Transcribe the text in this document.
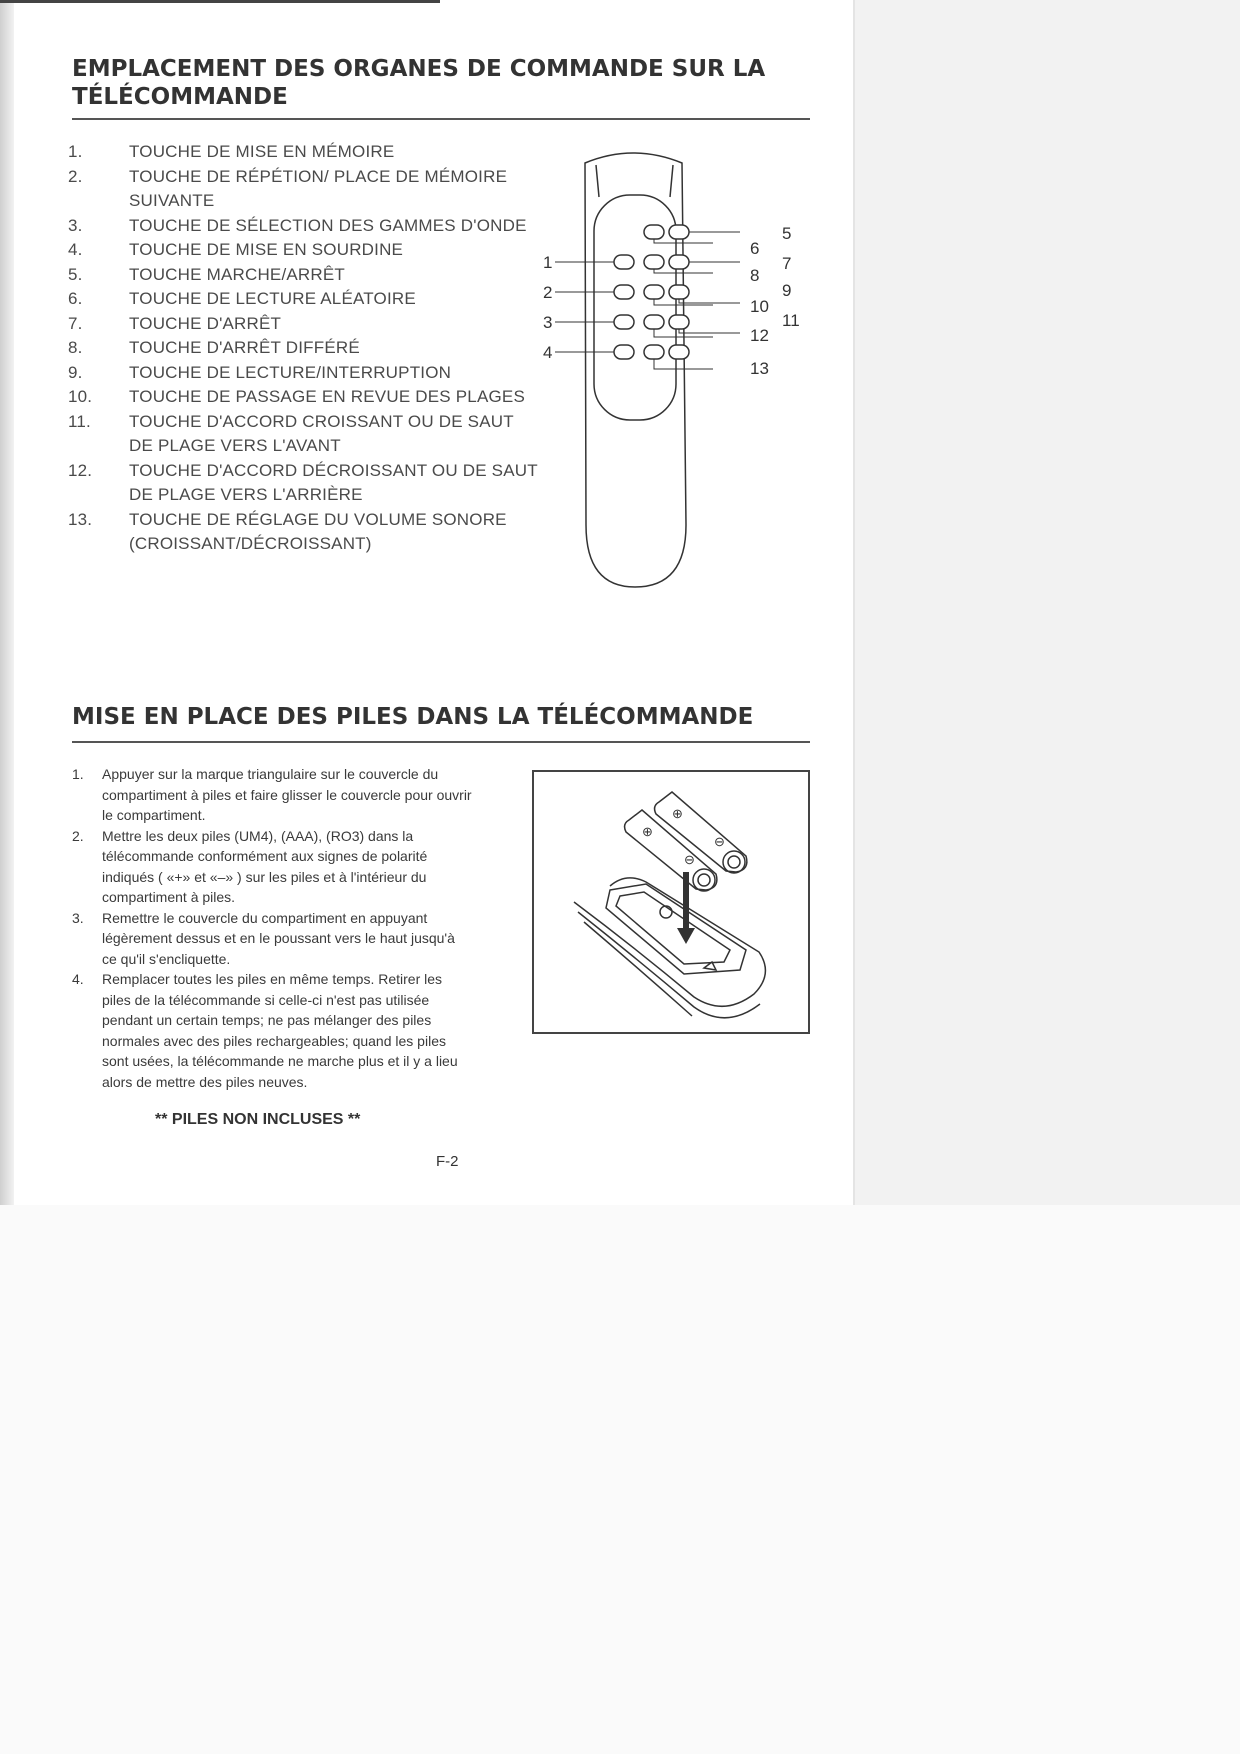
EMPLACEMENT DES ORGANES DE COMMANDE SUR LA TÉLÉCOMMANDE
1.	TOUCHE DE MISE EN MÉMOIRE
2.	TOUCHE DE RÉPÉTION/ PLACE DE MÉMOIRE SUIVANTE
3.	TOUCHE DE SÉLECTION DES GAMMES D'ONDE
4.	TOUCHE DE MISE EN SOURDINE
5.	TOUCHE MARCHE/ARRÊT
6.	TOUCHE DE LECTURE ALÉATOIRE
7.	TOUCHE D'ARRÊT
8.	TOUCHE D'ARRÊT DIFFÉRÉ
9.	TOUCHE DE LECTURE/INTERRUPTION
10.	TOUCHE DE PASSAGE EN REVUE DES PLAGES
11.	TOUCHE D'ACCORD CROISSANT OU DE SAUT DE PLAGE VERS L'AVANT
12.	TOUCHE D'ACCORD DÉCROISSANT OU DE SAUT DE PLAGE VERS L'ARRIÈRE
13.	TOUCHE DE RÉGLAGE DU VOLUME SONORE (CROISSANT/DÉCROISSANT)
1
2
3
4
5
6
7
8
9
10
11
12
13
MISE EN PLACE DES PILES DANS LA TÉLÉCOMMANDE
1.	Appuyer sur la marque triangulaire sur le couvercle du compartiment à piles et faire glisser le couvercle pour ouvrir le compartiment.
2.	Mettre les deux piles (UM4), (AAA), (RO3) dans la télécommande conformément aux signes de polarité indiqués ( «+» et «–» ) sur les piles et à l'intérieur du compartiment à piles.
3.	Remettre le couvercle du compartiment en appuyant légèrement dessus et en le poussant vers le haut jusqu'à ce qu'il s'encliquette.
4.	Remplacer toutes les piles en même temps. Retirer les piles de la télécommande si celle-ci n'est pas utilisée pendant un certain temps; ne pas mélanger des piles normales avec des piles rechargeables; quand les piles sont usées, la télécommande ne marche plus et il y a lieu alors de mettre des piles neuves.
⊕
⊕
⊖
⊖

** PILES NON INCLUSES **

F-2
